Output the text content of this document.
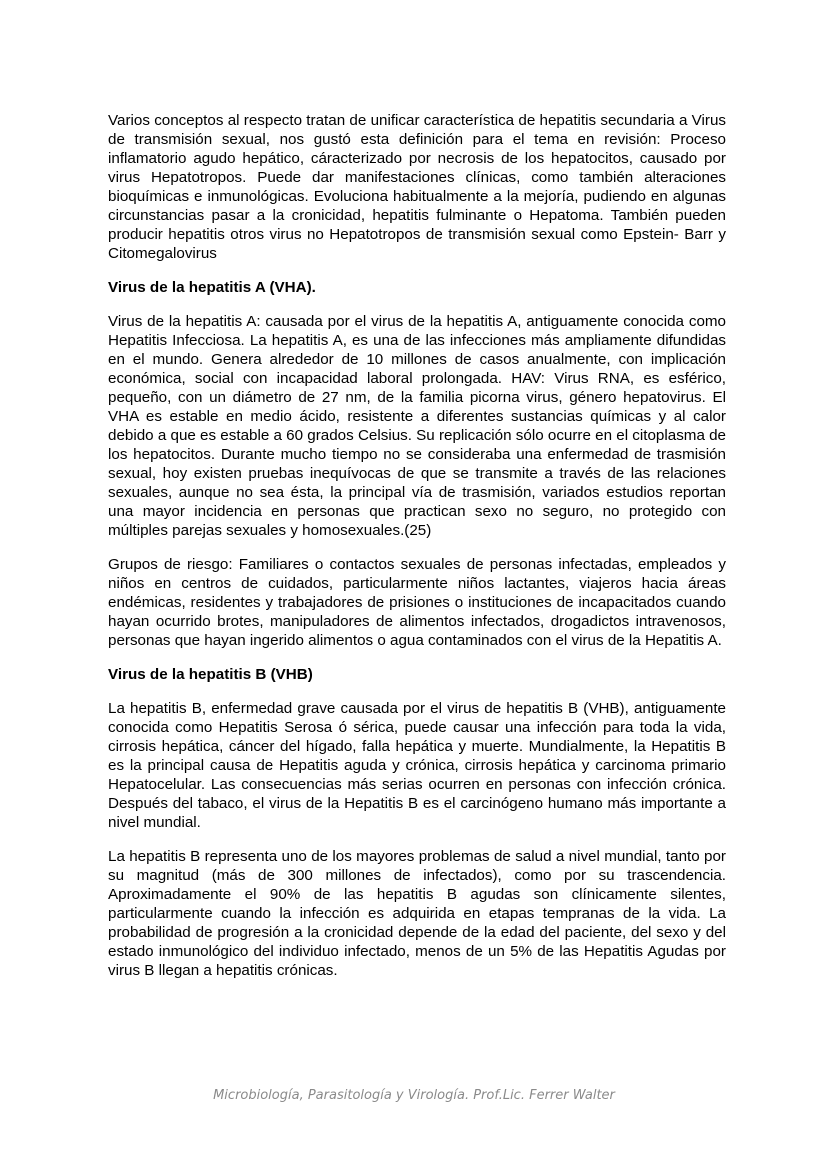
Varios conceptos al respecto tratan de unificar característica de hepatitis secundaria a Virus de transmisión sexual, nos gustó esta definición para el tema en revisión: Proceso inflamatorio agudo hepático, cáracterizado por necrosis de los hepatocitos, causado por virus Hepatotropos. Puede dar manifestaciones clínicas, como también alteraciones bioquímicas e inmunológicas. Evoluciona habitualmente a la mejoría, pudiendo en algunas circunstancias pasar a la cronicidad, hepatitis fulminante o Hepatoma. También pueden producir hepatitis otros virus no Hepatotropos de transmisión sexual como Epstein- Barr y Citomegalovirus

Virus de la hepatitis A (VHA).

Virus de la hepatitis A: causada por el virus de la hepatitis A, antiguamente conocida como Hepatitis Infecciosa. La hepatitis A, es una de las infecciones más ampliamente difundidas en el mundo. Genera alrededor de 10 millones de casos anualmente, con implicación económica, social con incapacidad laboral prolongada. HAV: Virus RNA, es esférico, pequeño, con un diámetro de 27 nm, de la familia picorna virus, género hepatovirus. El VHA es estable en medio ácido, resistente a diferentes sustancias químicas y al calor debido a que es estable a 60 grados Celsius. Su replicación sólo ocurre en el citoplasma de los hepatocitos. Durante mucho tiempo no se consideraba una enfermedad de trasmisión sexual, hoy existen pruebas inequívocas de que se transmite a través de las relaciones sexuales, aunque no sea ésta, la principal vía de trasmisión, variados estudios reportan una mayor incidencia en personas que practican sexo no seguro, no protegido con múltiples parejas sexuales y homosexuales.(25)

Grupos de riesgo: Familiares o contactos sexuales de personas infectadas, empleados y niños en centros de cuidados, particularmente niños lactantes, viajeros hacia áreas endémicas, residentes y trabajadores de prisiones o instituciones de incapacitados cuando hayan ocurrido brotes, manipuladores de alimentos infectados, drogadictos intravenosos, personas que hayan ingerido alimentos o agua contaminados con el virus de la Hepatitis A.

Virus de la hepatitis B (VHB)

La hepatitis B, enfermedad grave causada por el virus de hepatitis B (VHB), antiguamente conocida como Hepatitis Serosa ó sérica, puede causar una infección para toda la vida, cirrosis hepática, cáncer del hígado, falla hepática y muerte. Mundialmente, la Hepatitis B es la principal causa de Hepatitis aguda y crónica, cirrosis hepática y carcinoma primario Hepatocelular. Las consecuencias más serias ocurren en personas con infección crónica. Después del tabaco, el virus de la Hepatitis B es el carcinógeno humano más importante a nivel mundial.

La hepatitis B representa uno de los mayores problemas de salud a nivel mundial, tanto por su magnitud (más de 300 millones de infectados), como por su trascendencia. Aproximadamente el 90% de las hepatitis B agudas son clínicamente silentes, particularmente cuando la infección es adquirida en etapas tempranas de la vida. La probabilidad de progresión a la cronicidad depende de la edad del paciente, del sexo y del estado inmunológico del individuo infectado, menos de un 5% de las Hepatitis Agudas por virus B llegan a hepatitis crónicas.

Microbiología, Parasitología y Virología. Prof.Lic. Ferrer Walter
